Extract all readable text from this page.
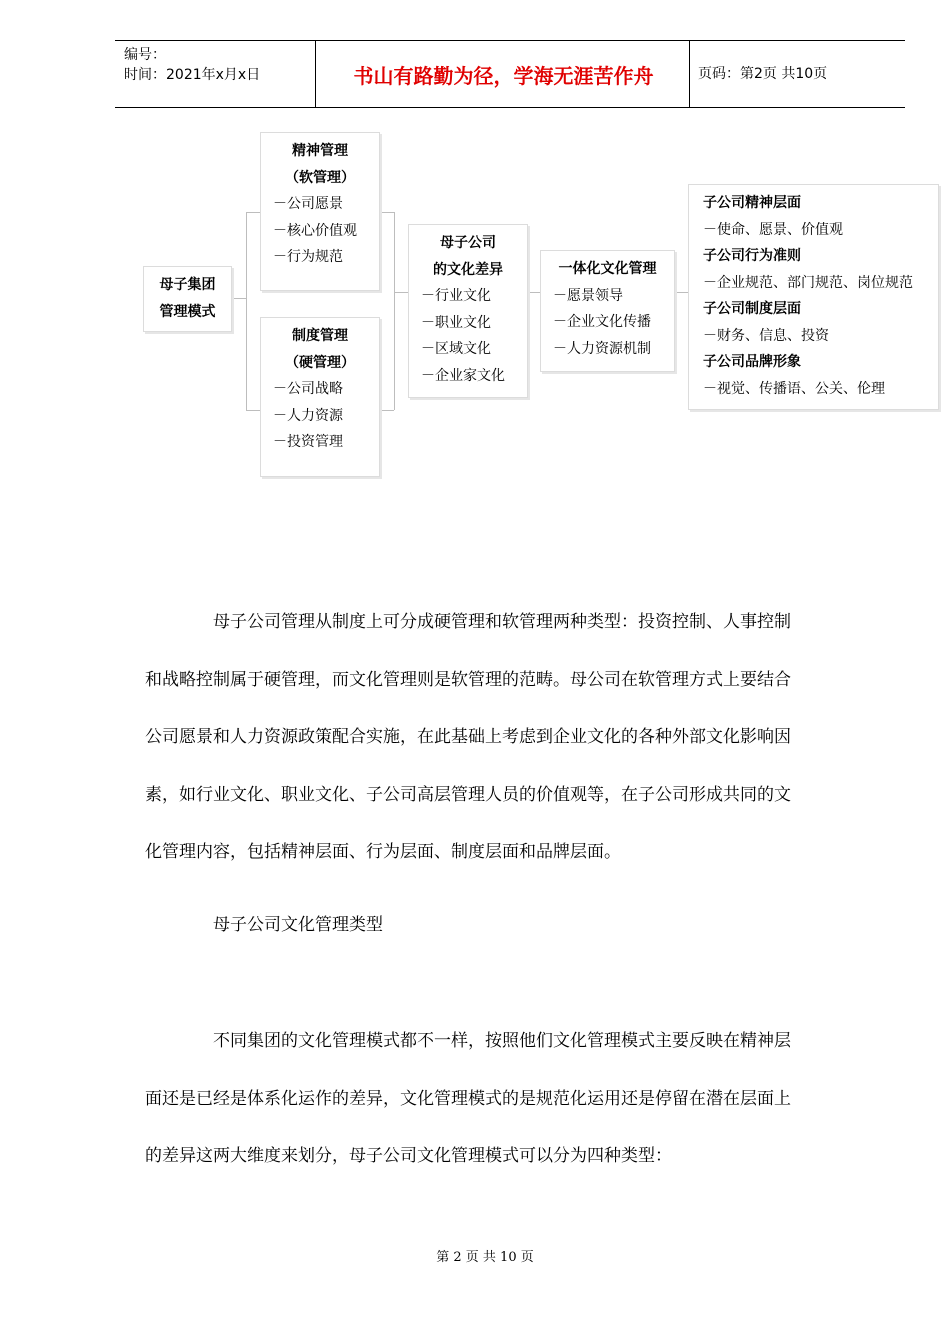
编号：
时间：2021年x月x日	书山有路勤为径，学海无涯苦作舟	页码：第2页 共10页
母子集团
管理模式
精神管理
（软管理）
－公司愿景
－核心价值观
－行为规范
制度管理
（硬管理）
－公司战略
－人力资源
－投资管理
母子公司
的文化差异
－行业文化
－职业文化
－区域文化
－企业家文化
一体化文化管理
－愿景领导
－企业文化传播
－人力资源机制
子公司精神层面
－使命、愿景、价值观
子公司行为准则
－企业规范、部门规范、岗位规范
子公司制度层面
－财务、信息、投资
子公司品牌形象
－视觉、传播语、公关、伦理
母子公司管理从制度上可分成硬管理和软管理两种类型：投资控制、人事控制
和战略控制属于硬管理，而文化管理则是软管理的范畴。母公司在软管理方式上要结合
公司愿景和人力资源政策配合实施，在此基础上考虑到企业文化的各种外部文化影响因
素，如行业文化、职业文化、子公司高层管理人员的价值观等，在子公司形成共同的文
化管理内容，包括精神层面、行为层面、制度层面和品牌层面。
母子公司文化管理类型
不同集团的文化管理模式都不一样，按照他们文化管理模式主要反映在精神层
面还是已经是体系化运作的差异，文化管理模式的是规范化运用还是停留在潜在层面上
的差异这两大维度来划分，母子公司文化管理模式可以分为四种类型：
第 2 页 共 10 页
